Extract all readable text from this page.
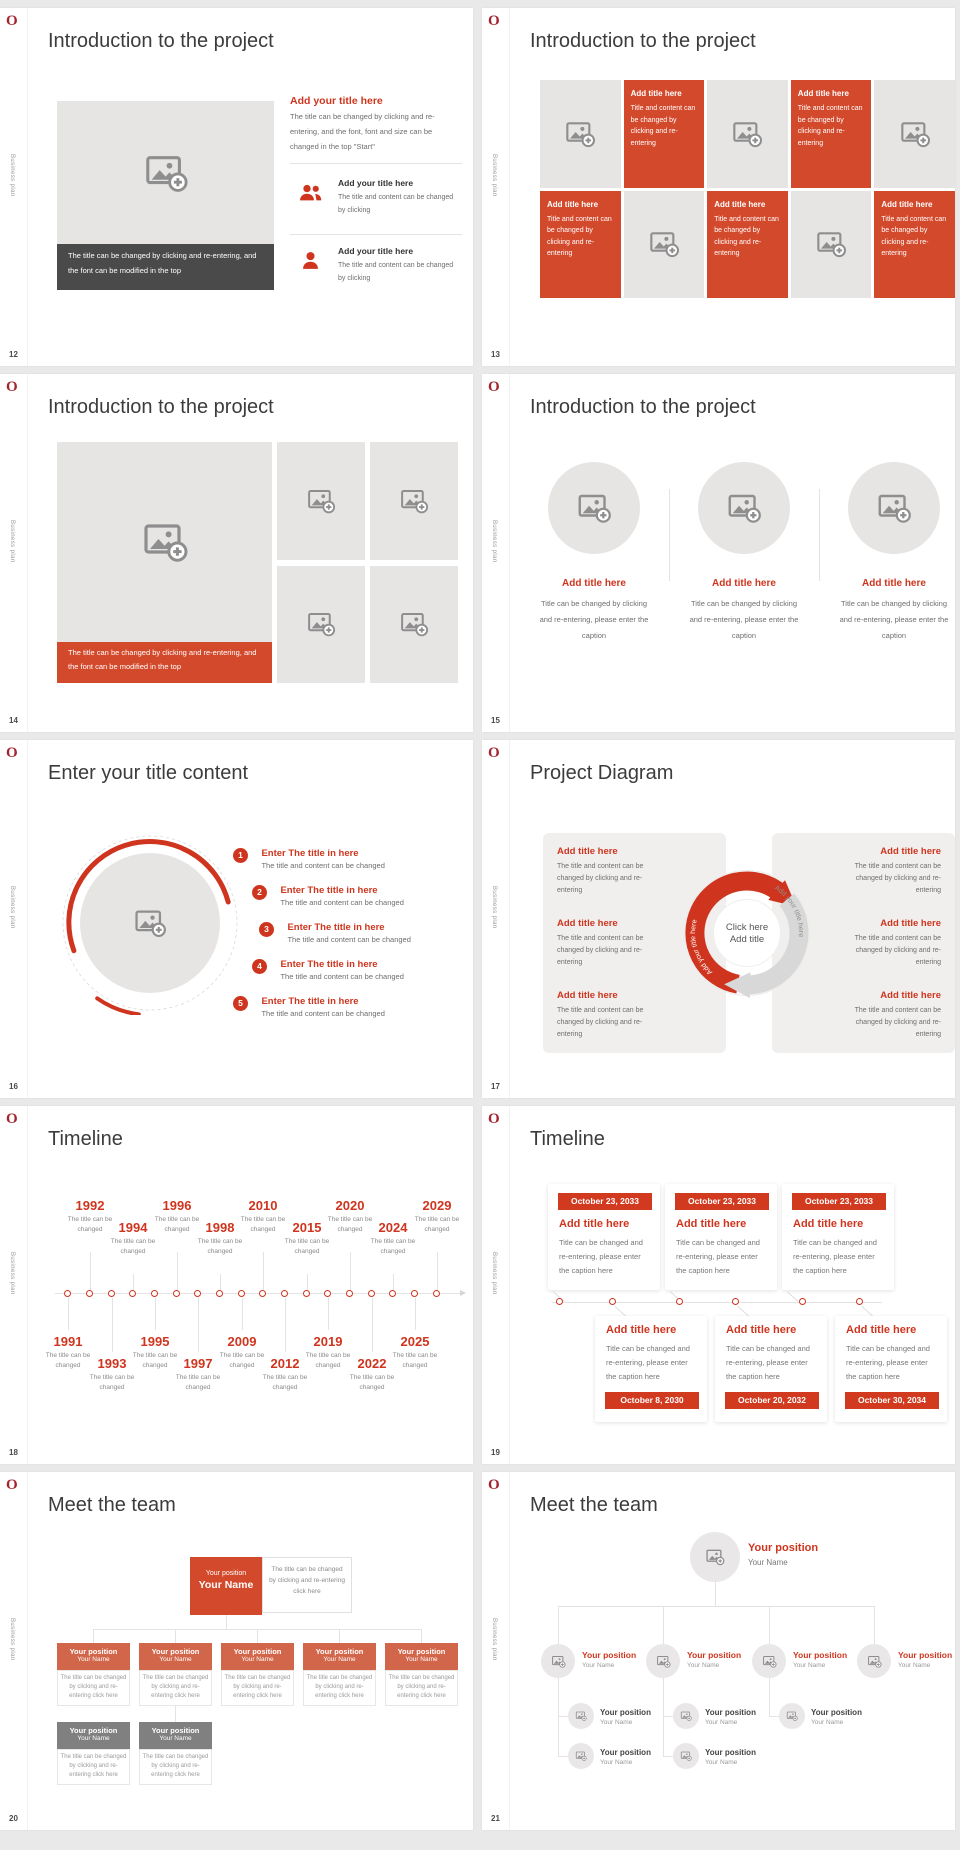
O
Business plan
12
Introduction to the project
The title can be changed by clicking and re-entering, and the font can be modified in the top
Add your title here
The title can be changed by clicking and re-entering, and the font, font and size can be changed in the top "Start"
Add your title here
The title and content can be changed by clicking
Add your title here
The title and content can be changed by clicking
O
Business plan
13
Introduction to the project
Add title here
Title and content can be changed by clicking and re-entering
Add title here
Title and content can be changed by clicking and re-entering
Add title here
Title and content can be changed by clicking and re-entering
Add title here
Title and content can be changed by clicking and re-entering
Add title here
Title and content can be changed by clicking and re-entering
O
Business plan
14
Introduction to the project
The title can be changed by clicking and re-entering, and the font can be modified in the top
O
Business plan
15
Introduction to the project
Add title here
Title can be changed by clicking and re-entering, please enter the caption
Add title here
Title can be changed by clicking and re-entering, please enter the caption
Add title here
Title can be changed by clicking and re-entering, please enter the caption
O
Business plan
16
Enter your title content
1 Enter The title in here
The title and content can be changed
2 Enter The title in here
The title and content can be changed
3 Enter The title in here
The title and content can be changed
4 Enter The title in here
The title and content can be changed
5 Enter The title in here
The title and content can be changed
O
Business plan
17
Project Diagram
Add title here
The title and content can be changed by clicking and re-entering
Add title here
The title and content can be changed by clicking and re-entering
Add title here
The title and content can be changed by clicking and re-entering
Add title here
The title and content can be changed by clicking and re-entering
Add title here
The title and content can be changed by clicking and re-entering
Add title here
The title and content can be changed by clicking and re-entering
Add your title here
Add your title here
Click here
Add title
O
Business plan
18
Timeline
1992
The title can be changed	1994
The title can be changed
1996
The title can be changed	1998
The title can be changed
2010
The title can be changed	2015
The title can be changed
2020
The title can be changed	2024
The title can be changed
2029
The title can be changed
1991
The title can be changed	1993
The title can be changed
1995
The title can be changed	1997
The title can be changed
2009
The title can be changed	2012
The title can be changed
2019
The title can be changed	2022
The title can be changed
2025
The title can be changed
O
Business plan
19
Timeline
October 23, 2033
Add title here
Title can be changed and re-entering, please enter the caption here
October 23, 2033
Add title here
Title can be changed and re-entering, please enter the caption here
October 23, 2033
Add title here
Title can be changed and re-entering, please enter the caption here
Add title here
Title can be changed and re-entering, please enter the caption here
October 8, 2030
Add title here
Title can be changed and re-entering, please enter the caption here
October 20, 2032
Add title here
Title can be changed and re-entering, please enter the caption here
October 30, 2034
O
Business plan
20
Meet the team
Your position
Your Name
The title can be changed by clicking and re-entering click here
Your position
Your Name
Your position
Your Name
Your position
Your Name
Your position
Your Name
Your position
Your Name
The title can be changed by clicking and re-entering click here
The title can be changed by clicking and re-entering click here
The title can be changed by clicking and re-entering click here
The title can be changed by clicking and re-entering click here
The title can be changed by clicking and re-entering click here
Your position
Your Name
Your position
Your Name
The title can be changed by clicking and re-entering click here
The title can be changed by clicking and re-entering click here
O
Business plan
21
Meet the team
Your position
Your Name
Your position
Your Name
Your position
Your Name
Your position
Your Name
Your position
Your Name
Your position
Your Name
Your position
Your Name
Your position
Your Name
Your position
Your Name
Your position
Your Name
